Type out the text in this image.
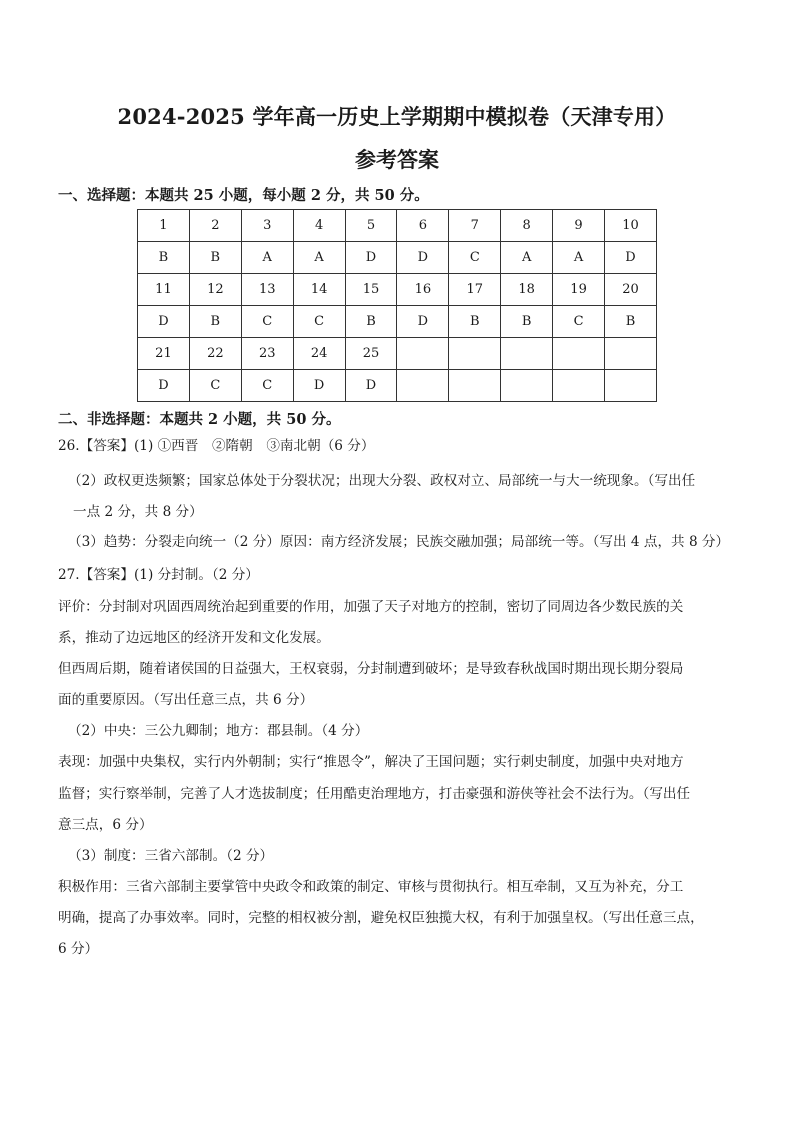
2024-2025 学年高一历史上学期期中模拟卷（天津专用）
参考答案
一、选择题：本题共 25 小题，每小题 2 分，共 50 分。
1	2	3	4	5	6	7	8	9	10
B	B	A	A	D	D	C	A	A	D
11	12	13	14	15	16	17	18	19	20
D	B	C	C	B	D	B	B	C	B
21	22	23	24	25					
D	C	C	D	D					
二、非选择题：本题共 2 小题，共 50 分。
26.【答案】(1) ①西晋　②隋朝　③南北朝（6 分）
（2）政权更迭频繁；国家总体处于分裂状况；出现大分裂、政权对立、局部统一与大一统现象。（写出任
一点 2 分，共 8 分）
（3）趋势：分裂走向统一（2 分）原因：南方经济发展；民族交融加强；局部统一等。（写出 4 点，共 8 分）
27.【答案】(1) 分封制。（2 分）
评价：分封制对巩固西周统治起到重要的作用，加强了天子对地方的控制，密切了同周边各少数民族的关
系，推动了边远地区的经济开发和文化发展。
但西周后期，随着诸侯国的日益强大，王权衰弱，分封制遭到破坏；是导致春秋战国时期出现长期分裂局
面的重要原因。（写出任意三点，共 6 分）
（2）中央：三公九卿制；地方：郡县制。（4 分）
表现：加强中央集权，实行内外朝制；实行“推恩令”，解决了王国问题；实行刺史制度，加强中央对地方
监督；实行察举制，完善了人才选拔制度；任用酷吏治理地方，打击豪强和游侠等社会不法行为。（写出任
意三点，6 分）
（3）制度：三省六部制。（2 分）
积极作用：三省六部制主要掌管中央政令和政策的制定、审核与贯彻执行。相互牵制，又互为补充，分工
明确，提高了办事效率。同时，完整的相权被分割，避免权臣独揽大权，有利于加强皇权。（写出任意三点，
6 分）
